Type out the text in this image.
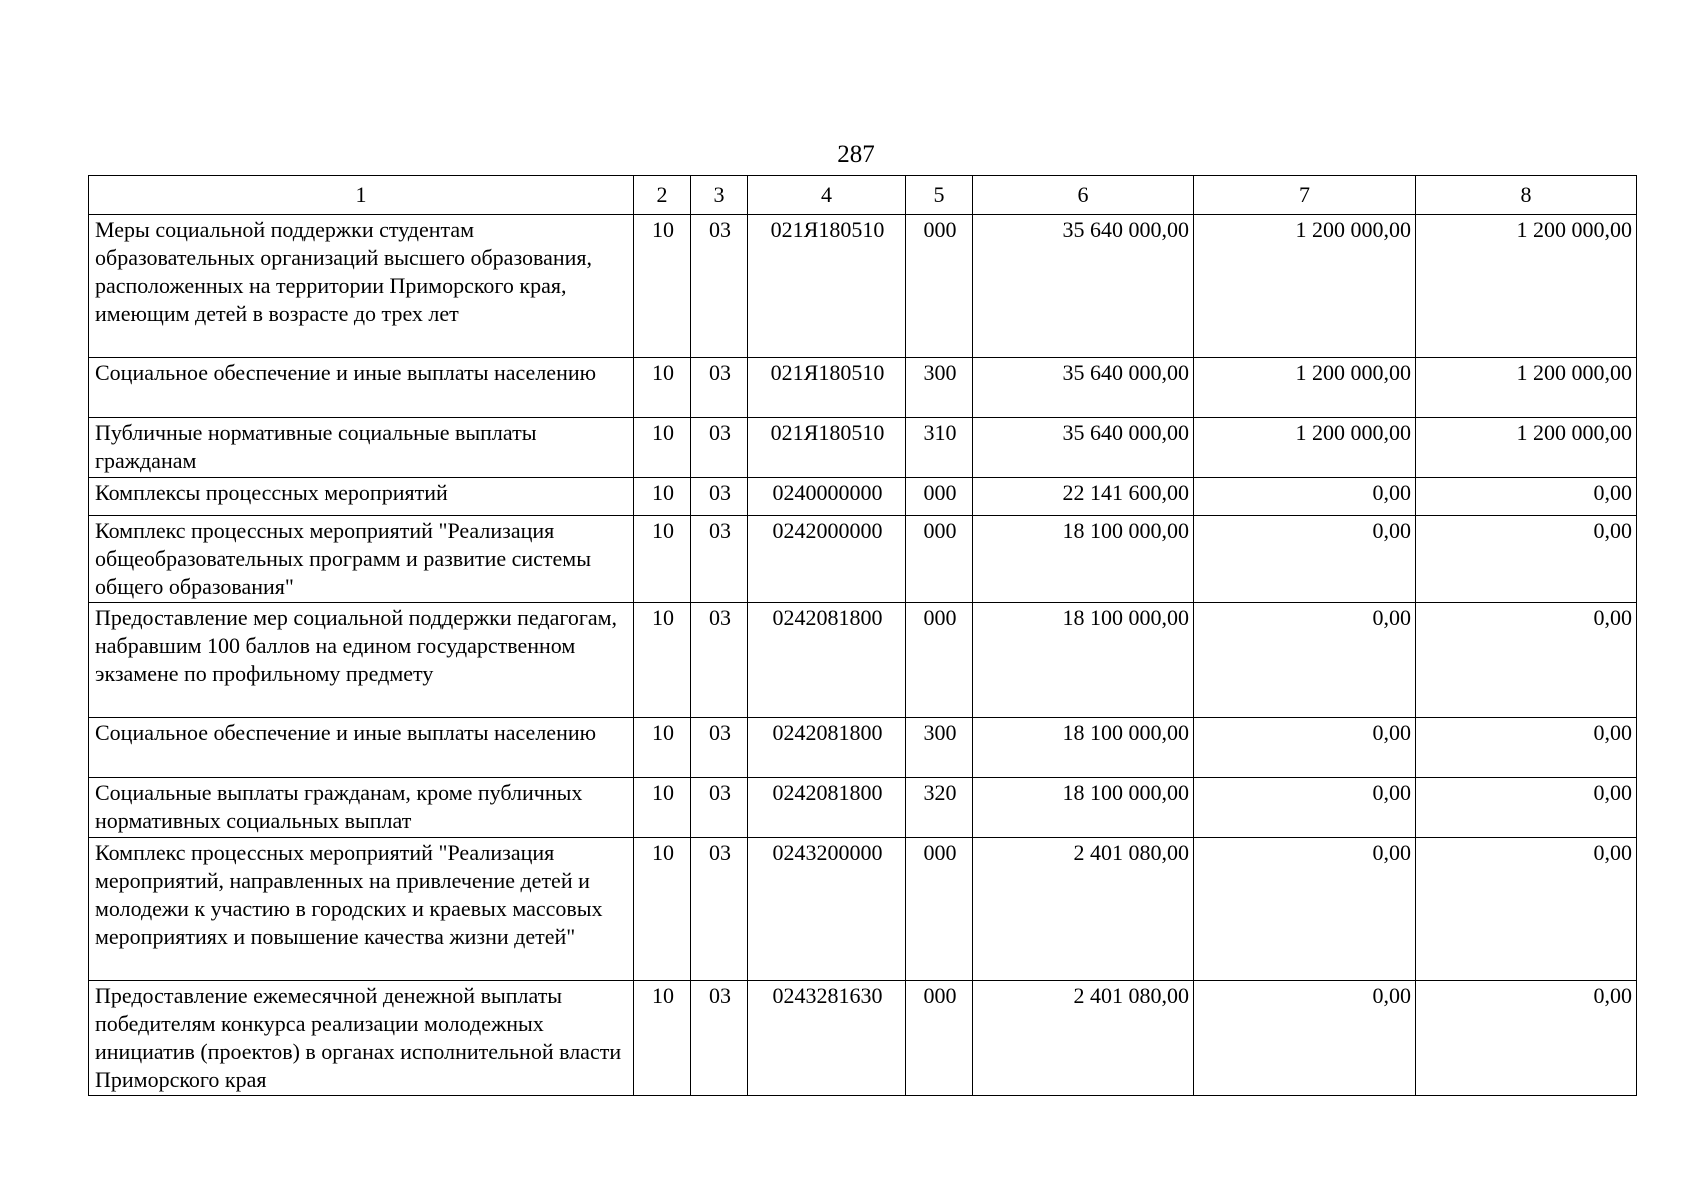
287
1	2	3	4	5	6	7	8
Меры социальной поддержки студентам образовательных организаций высшего образования, расположенных на территории Приморского края, имеющим детей в возрасте до трех лет	10	03	021Я180510	000	35 640 000,00	1 200 000,00	1 200 000,00
Социальное обеспечение и иные выплаты населению	10	03	021Я180510	300	35 640 000,00	1 200 000,00	1 200 000,00
Публичные нормативные социальные выплаты гражданам	10	03	021Я180510	310	35 640 000,00	1 200 000,00	1 200 000,00
Комплексы процессных мероприятий	10	03	0240000000	000	22 141 600,00	0,00	0,00
Комплекс процессных мероприятий "Реализация общеобразовательных программ и развитие системы общего образования"	10	03	0242000000	000	18 100 000,00	0,00	0,00
Предоставление мер социальной поддержки педагогам, набравшим 100 баллов на едином государственном экзамене по профильному предмету	10	03	0242081800	000	18 100 000,00	0,00	0,00
Социальное обеспечение и иные выплаты населению	10	03	0242081800	300	18 100 000,00	0,00	0,00
Социальные выплаты гражданам, кроме публичных нормативных социальных выплат	10	03	0242081800	320	18 100 000,00	0,00	0,00
Комплекс процессных мероприятий "Реализация мероприятий, направленных на привлечение детей и молодежи к участию в городских и краевых массовых мероприятиях и повышение качества жизни детей"	10	03	0243200000	000	2 401 080,00	0,00	0,00
Предоставление ежемесячной денежной выплаты победителям конкурса реализации молодежных инициатив (проектов) в органах исполнительной власти Приморского края	10	03	0243281630	000	2 401 080,00	0,00	0,00
